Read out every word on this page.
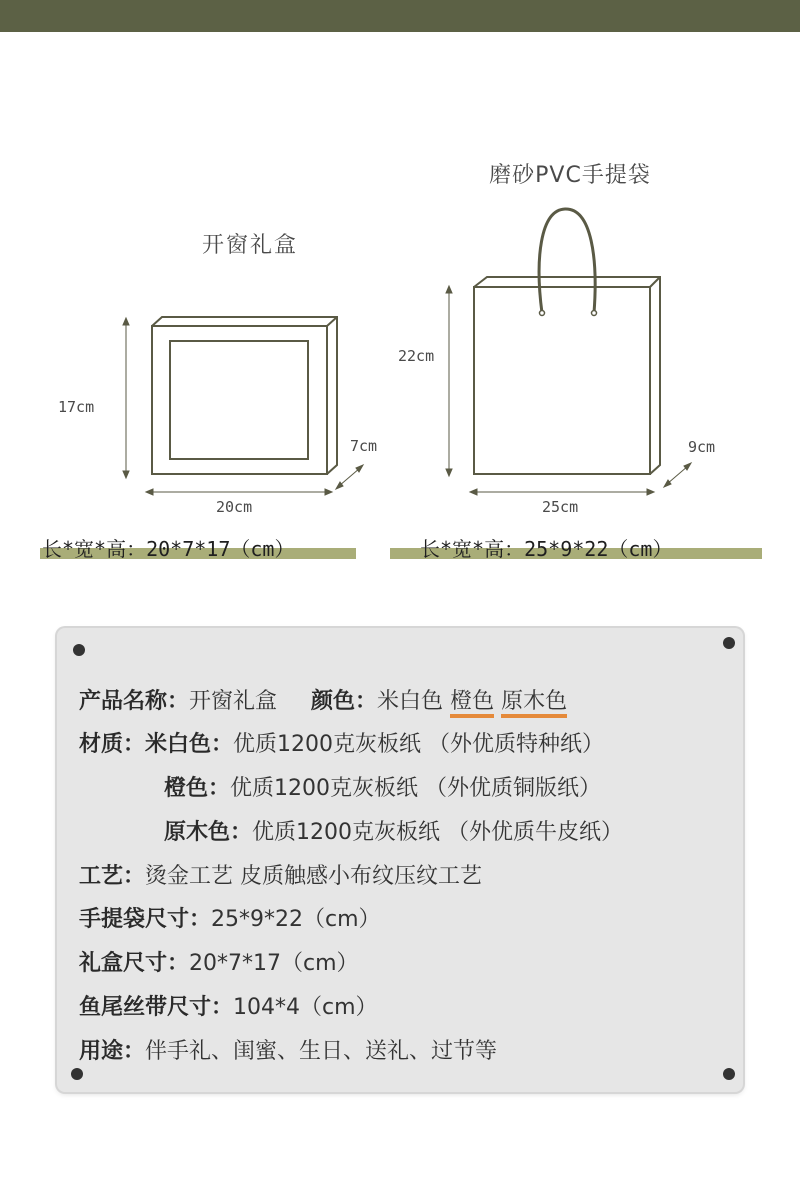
开窗礼盒
磨砂PVC手提袋
17cm
7cm
20cm
22cm
9cm
25cm
长*宽*高：20*7*17（cm）	长*宽*高：25*9*22（cm）
产品名称：开窗礼盒 颜色：米白色 橙色 原木色
材质：米白色：优质1200克灰板纸 （外优质特种纸）
橙色：优质1200克灰板纸 （外优质铜版纸）
原木色：优质1200克灰板纸 （外优质牛皮纸）
工艺：烫金工艺 皮质触感小布纹压纹工艺
手提袋尺寸：25*9*22（cm）
礼盒尺寸：20*7*17（cm）
鱼尾丝带尺寸：104*4（cm）
用途：伴手礼、闺蜜、生日、送礼、过节等
